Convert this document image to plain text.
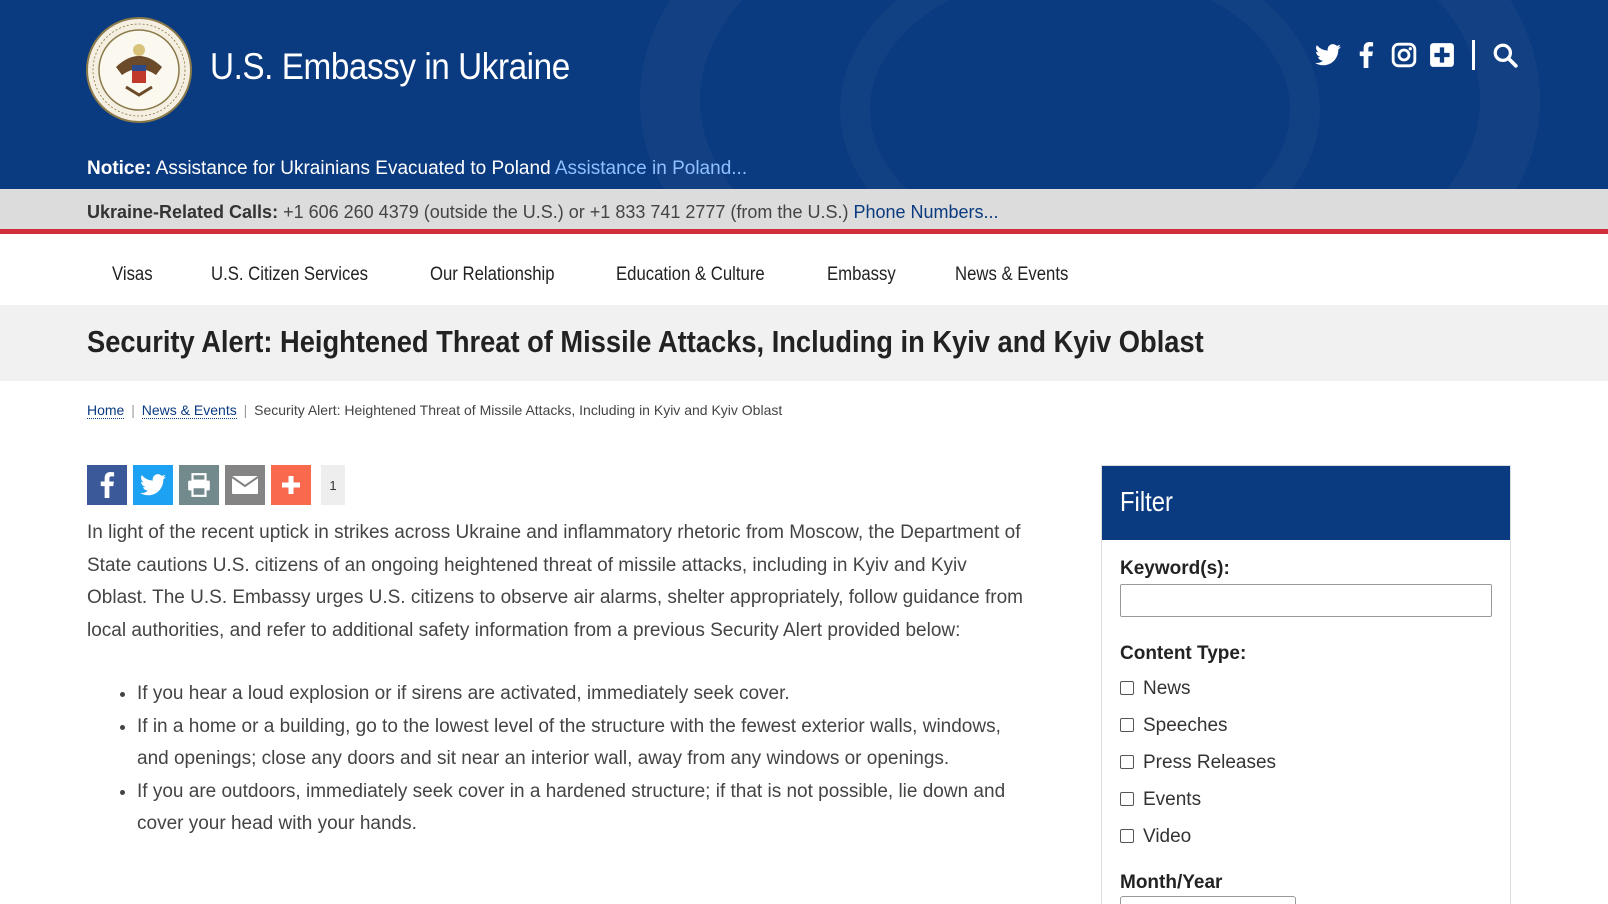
U.S. Embassy in Ukraine
Notice: Assistance for Ukrainians Evacuated to Poland Assistance in Poland...
Ukraine-Related Calls: +1 606 260 4379 (outside the U.S.) or +1 833 741 2777 (from the U.S.) Phone Numbers...
Visas	U.S. Citizen Services	Our Relationship	Education & Culture	Embassy	News & Events
Security Alert: Heightened Threat of Missile Attacks, Including in Kyiv and Kyiv Oblast
Home | News & Events | Security Alert: Heightened Threat of Missile Attacks, Including in Kyiv and Kyiv Oblast
1

In light of the recent uptick in strikes across Ukraine and inflammatory rhetoric from Moscow, the Department of State cautions U.S. citizens of an ongoing heightened threat of missile attacks, including in Kyiv and Kyiv Oblast. The U.S. Embassy urges U.S. citizens to observe air alarms, shelter appropriately, follow guidance from local authorities, and refer to additional safety information from a previous Security Alert provided below:

• If you hear a loud explosion or if sirens are activated, immediately seek cover.
• If in a home or a building, go to the lowest level of the structure with the fewest exterior walls, windows, and openings; close any doors and sit near an interior wall, away from any windows or openings.
• If you are outdoors, immediately seek cover in a hardened structure; if that is not possible, lie down and cover your head with your hands.
Filter
Keyword(s):
Content Type:
News
Speeches
Press Releases
Events
Video
Month/Year
